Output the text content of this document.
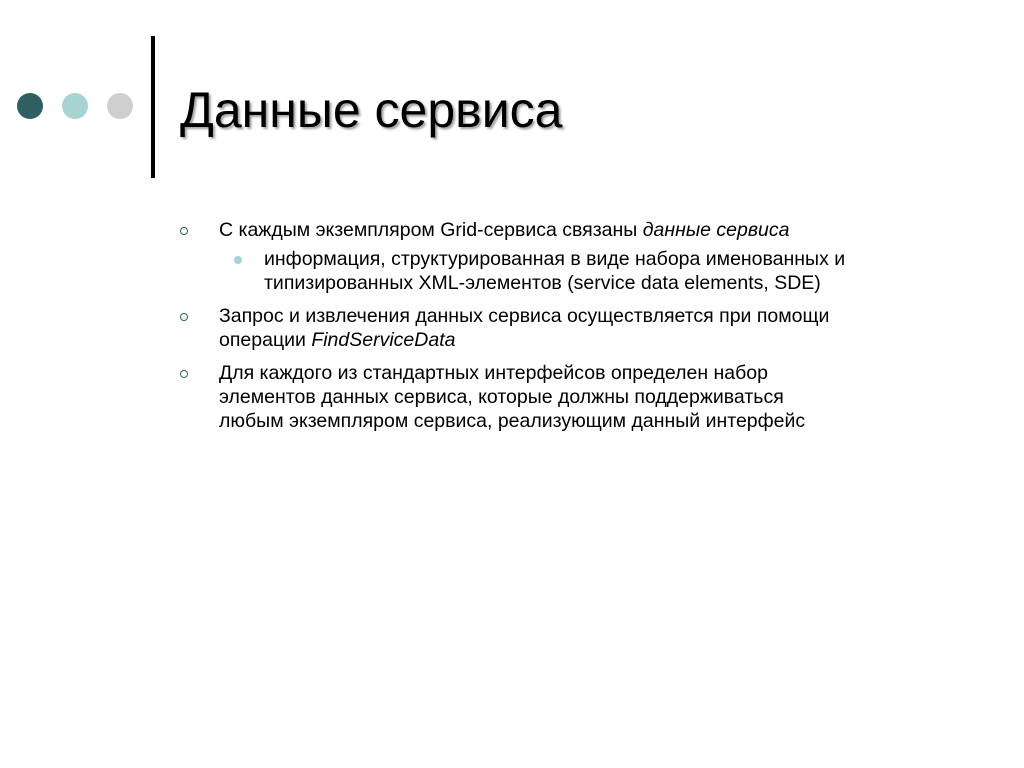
Данные сервиса
С каждым экземпляром Grid-сервиса связаны данные сервиса
информация, структурированная в виде набора именованных и
типизированных XML-элементов (service data elements, SDE)
Запрос и извлечения данных сервиса осуществляется при помощи
операции FindServiceData
Для каждого из стандартных интерфейсов определен набор
элементов данных сервиса, которые должны поддерживаться
любым экземпляром сервиса, реализующим данный интерфейс
